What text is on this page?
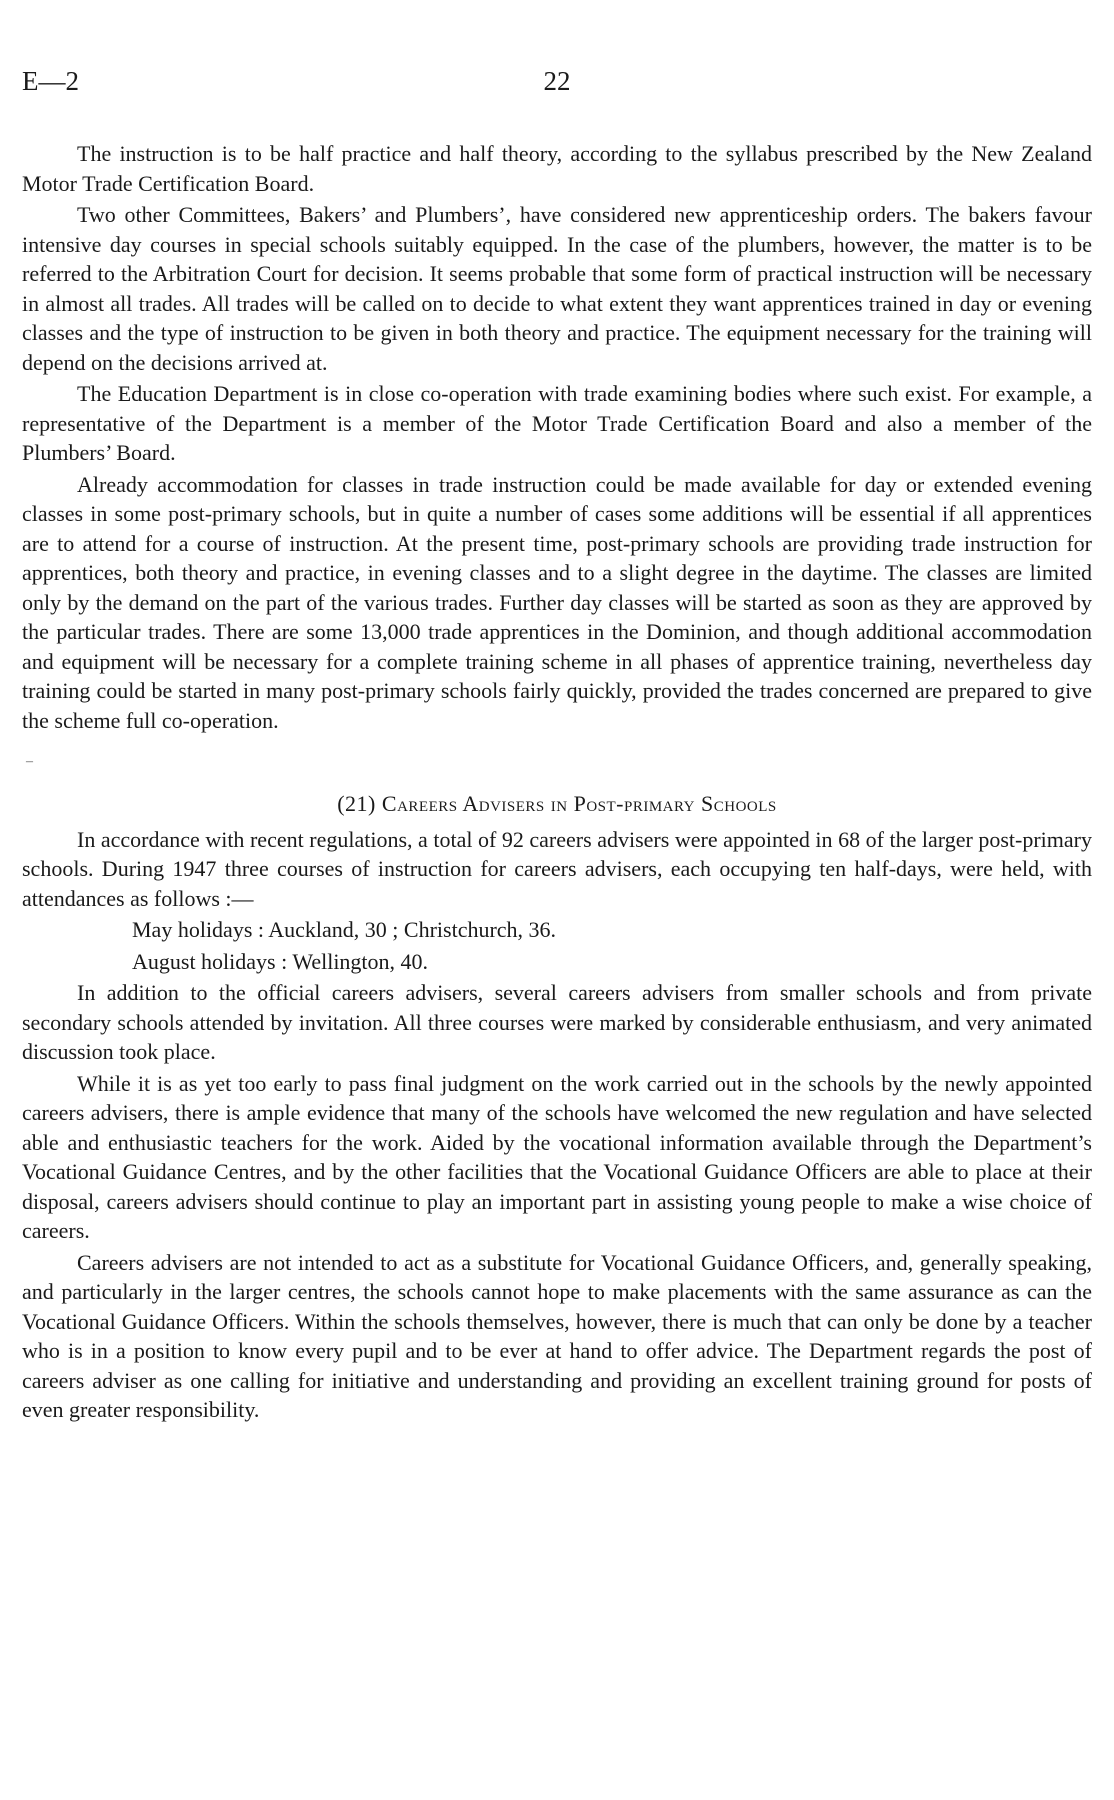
E—2	22

The instruction is to be half practice and half theory, according to the syllabus prescribed by the New Zealand Motor Trade Certification Board.

Two other Committees, Bakers’ and Plumbers’, have considered new apprenticeship orders. The bakers favour intensive day courses in special schools suitably equipped. In the case of the plumbers, however, the matter is to be referred to the Arbitration Court for decision. It seems probable that some form of practical instruction will be necessary in almost all trades. All trades will be called on to decide to what extent they want apprentices trained in day or evening classes and the type of instruction to be given in both theory and practice. The equipment necessary for the training will depend on the decisions arrived at.

The Education Department is in close co-operation with trade examining bodies where such exist. For example, a representative of the Department is a member of the Motor Trade Certification Board and also a member of the Plumbers’ Board.

Already accommodation for classes in trade instruction could be made available for day or extended evening classes in some post-primary schools, but in quite a number of cases some additions will be essential if all apprentices are to attend for a course of instruction. At the present time, post-primary schools are providing trade instruction for apprentices, both theory and practice, in evening classes and to a slight degree in the daytime. The classes are limited only by the demand on the part of the various trades. Further day classes will be started as soon as they are approved by the particular trades. There are some 13,000 trade apprentices in the Dominion, and though additional accommodation and equipment will be necessary for a complete training scheme in all phases of apprentice training, nevertheless day training could be started in many post-primary schools fairly quickly, provided the trades concerned are prepared to give the scheme full co-operation.

–
(21) Careers Advisers in Post-primary Schools

In accordance with recent regulations, a total of 92 careers advisers were appointed in 68 of the larger post-primary schools. During 1947 three courses of instruction for careers advisers, each occupying ten half-days, were held, with attendances as follows :—

May holidays : Auckland, 30 ; Christchurch, 36.

August holidays : Wellington, 40.

In addition to the official careers advisers, several careers advisers from smaller schools and from private secondary schools attended by invitation. All three courses were marked by considerable enthusiasm, and very animated discussion took place.

While it is as yet too early to pass final judgment on the work carried out in the schools by the newly appointed careers advisers, there is ample evidence that many of the schools have welcomed the new regulation and have selected able and enthusiastic teachers for the work. Aided by the vocational information available through the Department’s Vocational Guidance Centres, and by the other facilities that the Vocational Guidance Officers are able to place at their disposal, careers advisers should continue to play an important part in assisting young people to make a wise choice of careers.

Careers advisers are not intended to act as a substitute for Vocational Guidance Officers, and, generally speaking, and particularly in the larger centres, the schools cannot hope to make placements with the same assurance as can the Vocational Guidance Officers. Within the schools themselves, however, there is much that can only be done by a teacher who is in a position to know every pupil and to be ever at hand to offer advice. The Department regards the post of careers adviser as one calling for initiative and understanding and providing an excellent training ground for posts of even greater responsibility.
